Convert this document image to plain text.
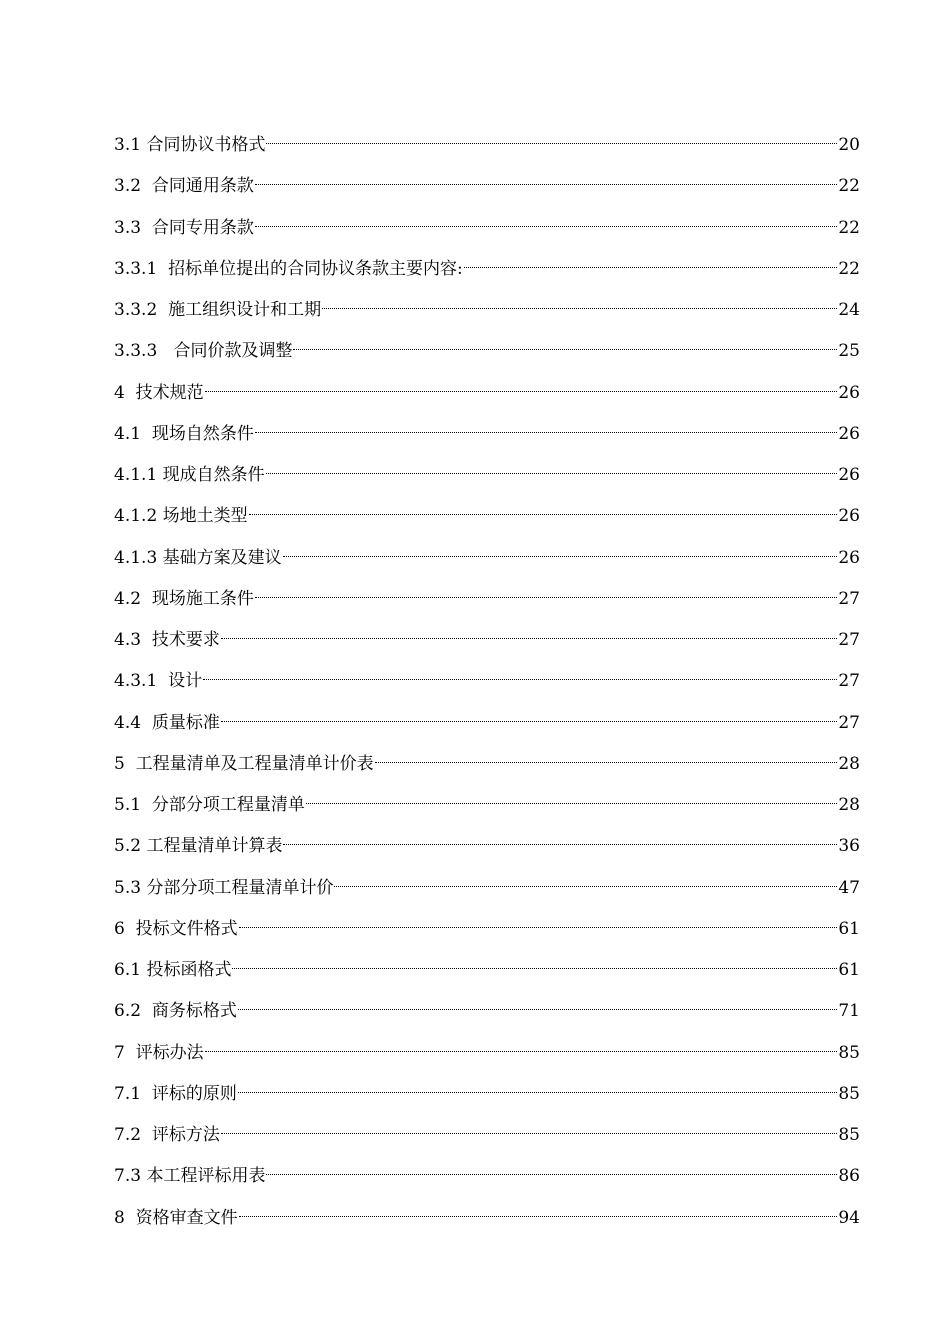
3.1 合同协议书格式	20
3.2  合同通用条款	22
3.3  合同专用条款	22
3.3.1  招标单位提出的合同协议条款主要内容:	22
3.3.2  施工组织设计和工期	24
3.3.3   合同价款及调整	25
4  技术规范	26
4.1  现场自然条件	26
4.1.1 现成自然条件	26
4.1.2 场地土类型	26
4.1.3 基础方案及建议	26
4.2  现场施工条件	27
4.3  技术要求	27
4.3.1  设计	27
4.4  质量标准	27
5  工程量清单及工程量清单计价表	28
5.1  分部分项工程量清单	28
5.2 工程量清单计算表	36
5.3 分部分项工程量清单计价	47
6  投标文件格式	61
6.1 投标函格式	61
6.2  商务标格式	71
7  评标办法	85
7.1  评标的原则	85
7.2  评标方法	85
7.3 本工程评标用表	86
8  资格审查文件	94
